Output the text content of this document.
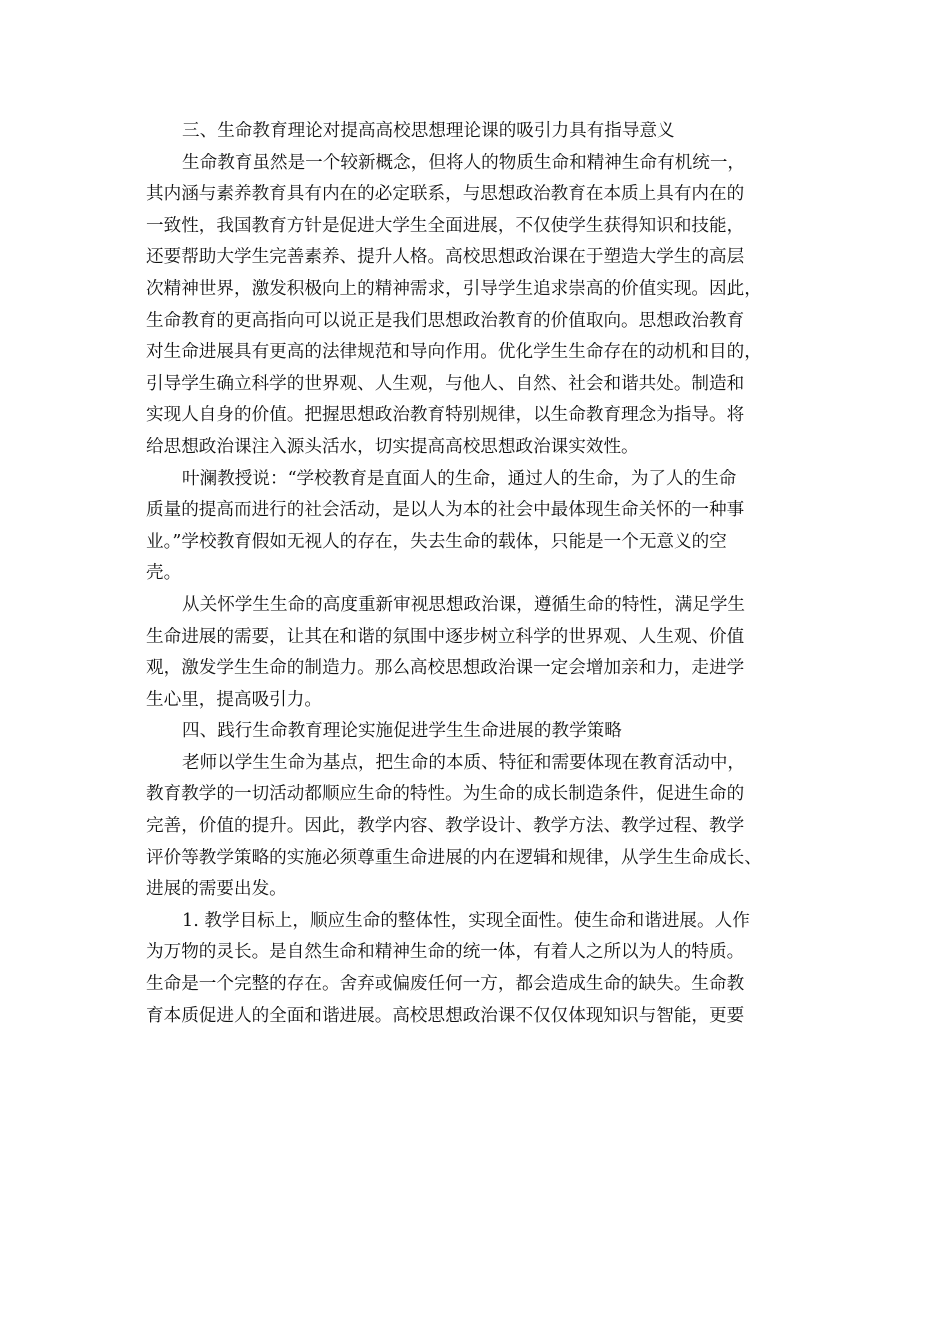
三、生命教育理论对提高高校思想理论课的吸引力具有指导意义

生命教育虽然是一个较新概念，但将人的物质生命和精神生命有机统一，
其内涵与素养教育具有内在的必定联系，与思想政治教育在本质上具有内在的
一致性，我国教育方针是促进大学生全面进展，不仅使学生获得知识和技能，
还要帮助大学生完善素养、提升人格。高校思想政治课在于塑造大学生的高层
次精神世界，激发积极向上的精神需求，引导学生追求崇高的价值实现。因此，
生命教育的更高指向可以说正是我们思想政治教育的价值取向。思想政治教育
对生命进展具有更高的法律规范和导向作用。优化学生生命存在的动机和目的，
引导学生确立科学的世界观、人生观，与他人、自然、社会和谐共处。制造和
实现人自身的价值。把握思想政治教育特别规律，以生命教育理念为指导。将
给思想政治课注入源头活水，切实提高高校思想政治课实效性。

叶澜教授说：“学校教育是直面人的生命，通过人的生命，为了人的生命
质量的提高而进行的社会活动，是以人为本的社会中最体现生命关怀的一种事
业。”学校教育假如无视人的存在，失去生命的载体，只能是一个无意义的空
壳。

从关怀学生生命的高度重新审视思想政治课，遵循生命的特性，满足学生
生命进展的需要，让其在和谐的氛围中逐步树立科学的世界观、人生观、价值
观，激发学生生命的制造力。那么高校思想政治课一定会增加亲和力，走进学
生心里，提高吸引力。

四、践行生命教育理论实施促进学生生命进展的教学策略

老师以学生生命为基点，把生命的本质、特征和需要体现在教育活动中，
教育教学的一切活动都顺应生命的特性。为生命的成长制造条件，促进生命的
完善，价值的提升。因此，教学内容、教学设计、教学方法、教学过程、教学
评价等教学策略的实施必须尊重生命进展的内在逻辑和规律，从学生生命成长、
进展的需要出发。

1. 教学目标上，顺应生命的整体性，实现全面性。使生命和谐进展。人作
为万物的灵长。是自然生命和精神生命的统一体，有着人之所以为人的特质。
生命是一个完整的存在。舍弃或偏废任何一方，都会造成生命的缺失。生命教
育本质促进人的全面和谐进展。高校思想政治课不仅仅体现知识与智能，更要
